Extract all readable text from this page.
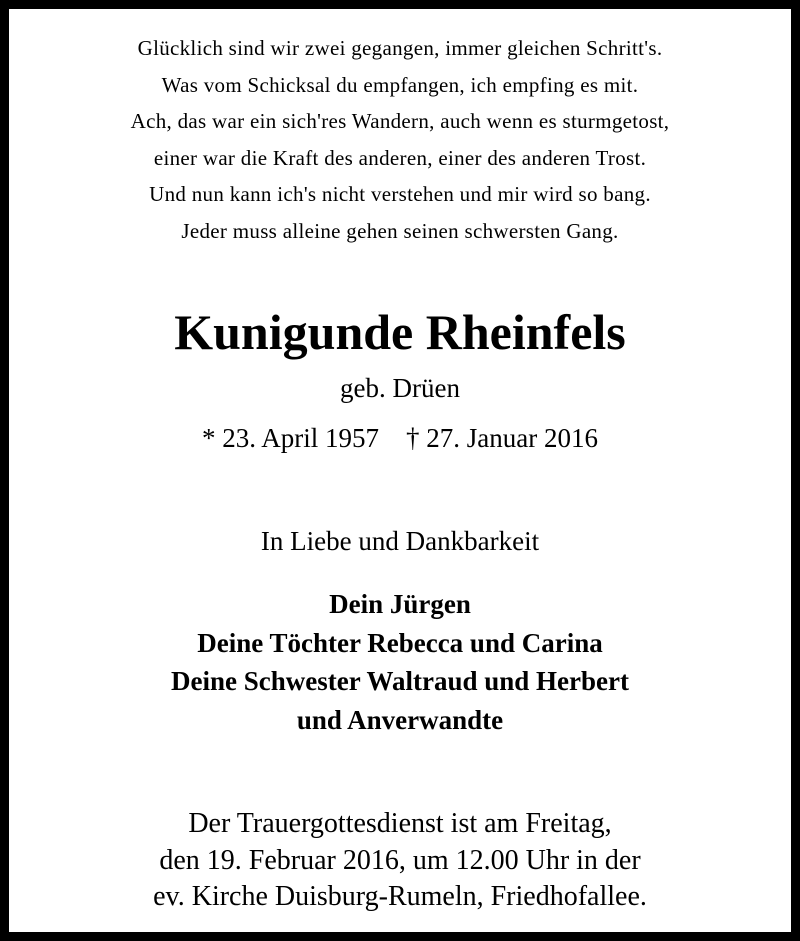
Glücklich sind wir zwei gegangen, immer gleichen Schritt's.
Was vom Schicksal du empfangen, ich empfing es mit.
Ach, das war ein sich'res Wandern, auch wenn es sturmgetost,
einer war die Kraft des anderen, einer des anderen Trost.
Und nun kann ich's nicht verstehen und mir wird so bang.
Jeder muss alleine gehen seinen schwersten Gang.
Kunigunde Rheinfels
geb. Drüen
* 23. April 1957    † 27. Januar 2016
In Liebe und Dankbarkeit
Dein Jürgen
Deine Töchter Rebecca und Carina
Deine Schwester Waltraud und Herbert
und Anverwandte
Der Trauergottesdienst ist am Freitag,
den 19. Februar 2016, um 12.00 Uhr in der
ev. Kirche Duisburg-Rumeln, Friedhofallee.
